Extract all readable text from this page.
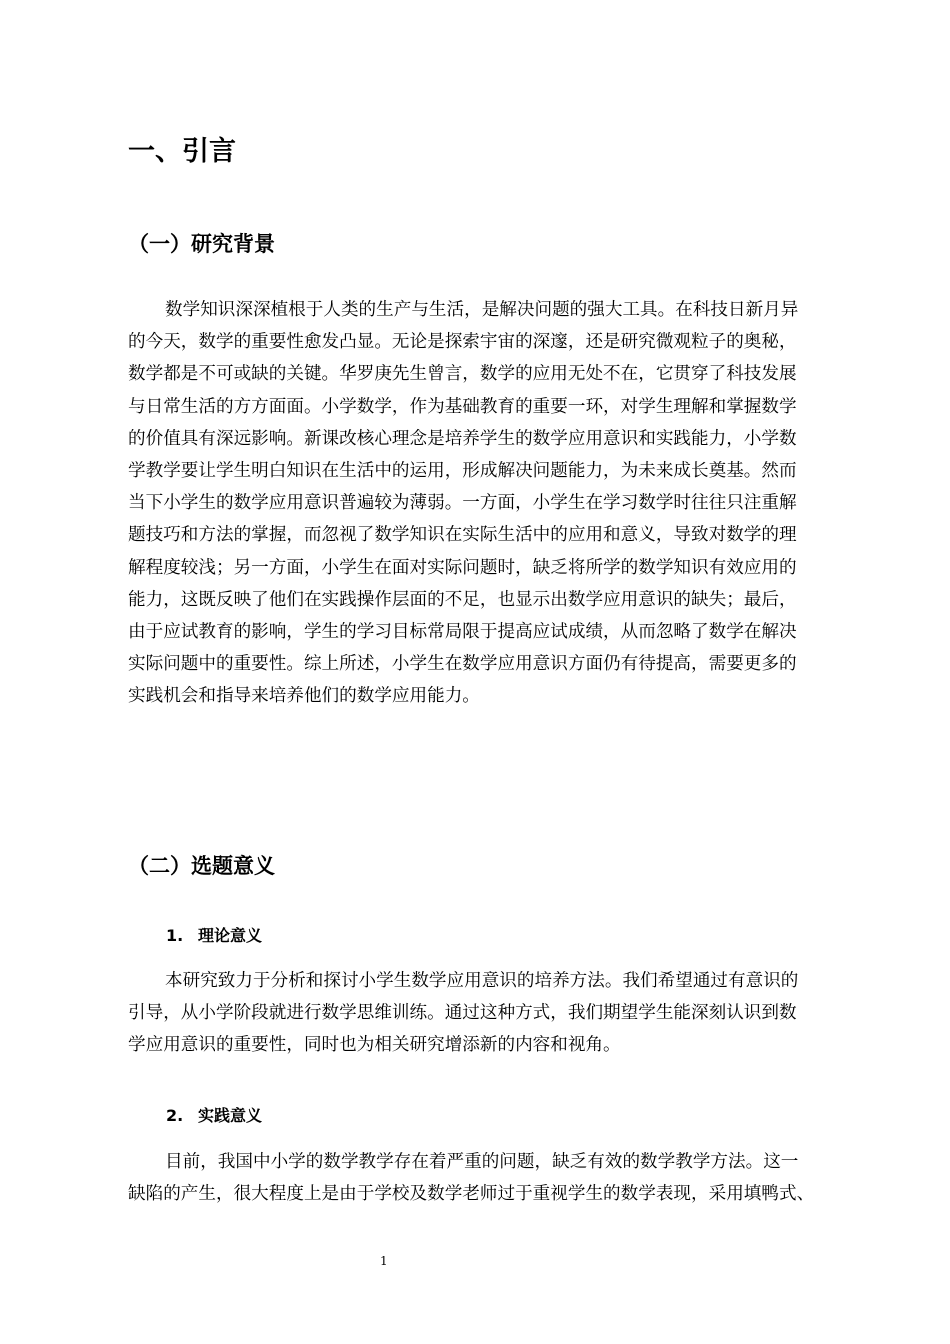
一、引言
（一）研究背景
数学知识深深植根于人类的生产与生活，是解决问题的强大工具。在科技日新月异
的今天，数学的重要性愈发凸显。无论是探索宇宙的深邃，还是研究微观粒子的奥秘，
数学都是不可或缺的关键。华罗庚先生曾言，数学的应用无处不在，它贯穿了科技发展
与日常生活的方方面面。小学数学，作为基础教育的重要一环，对学生理解和掌握数学
的价值具有深远影响。新课改核心理念是培养学生的数学应用意识和实践能力，小学数
学教学要让学生明白知识在生活中的运用，形成解决问题能力，为未来成长奠基。然而
当下小学生的数学应用意识普遍较为薄弱。一方面，小学生在学习数学时往往只注重解
题技巧和方法的掌握，而忽视了数学知识在实际生活中的应用和意义，导致对数学的理
解程度较浅；另一方面，小学生在面对实际问题时，缺乏将所学的数学知识有效应用的
能力，这既反映了他们在实践操作层面的不足，也显示出数学应用意识的缺失；最后，
由于应试教育的影响，学生的学习目标常局限于提高应试成绩，从而忽略了数学在解决
实际问题中的重要性。综上所述，小学生在数学应用意识方面仍有待提高，需要更多的
实践机会和指导来培养他们的数学应用能力。
（二）选题意义
1. 理论意义
本研究致力于分析和探讨小学生数学应用意识的培养方法。我们希望通过有意识的
引导，从小学阶段就进行数学思维训练。通过这种方式，我们期望学生能深刻认识到数
学应用意识的重要性，同时也为相关研究增添新的内容和视角。
2. 实践意义
目前，我国中小学的数学教学存在着严重的问题，缺乏有效的数学教学方法。这一
缺陷的产生，很大程度上是由于学校及数学老师过于重视学生的数学表现，采用填鸭式、
1
